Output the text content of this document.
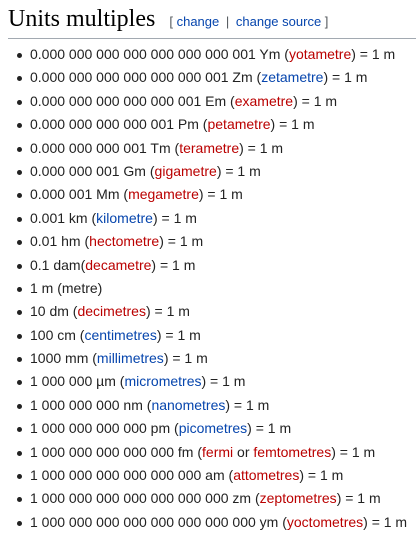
Units multiples [ change | change source ]
0.000 000 000 000 000 000 000 001 Ym (yotametre) = 1 m
0.000 000 000 000 000 000 001 Zm (zetametre) = 1 m
0.000 000 000 000 000 001 Em (exametre) = 1 m
0.000 000 000 000 001 Pm (petametre) = 1 m
0.000 000 000 001 Tm (terametre) = 1 m
0.000 000 001 Gm (gigametre) = 1 m
0.000 001 Mm (megametre) = 1 m
0.001 km (kilometre) = 1 m
0.01 hm (hectometre) = 1 m
0.1 dam(decametre) = 1 m
1 m (metre)
10 dm (decimetres) = 1 m
100 cm (centimetres) = 1 m
1000 mm (millimetres) = 1 m
1 000 000 µm (micrometres) = 1 m
1 000 000 000 nm (nanometres) = 1 m
1 000 000 000 000 pm (picometres) = 1 m
1 000 000 000 000 000 fm (fermi or femtometres) = 1 m
1 000 000 000 000 000 000 am (attometres) = 1 m
1 000 000 000 000 000 000 000 zm (zeptometres) = 1 m
1 000 000 000 000 000 000 000 000 ym (yoctometres) = 1 m
